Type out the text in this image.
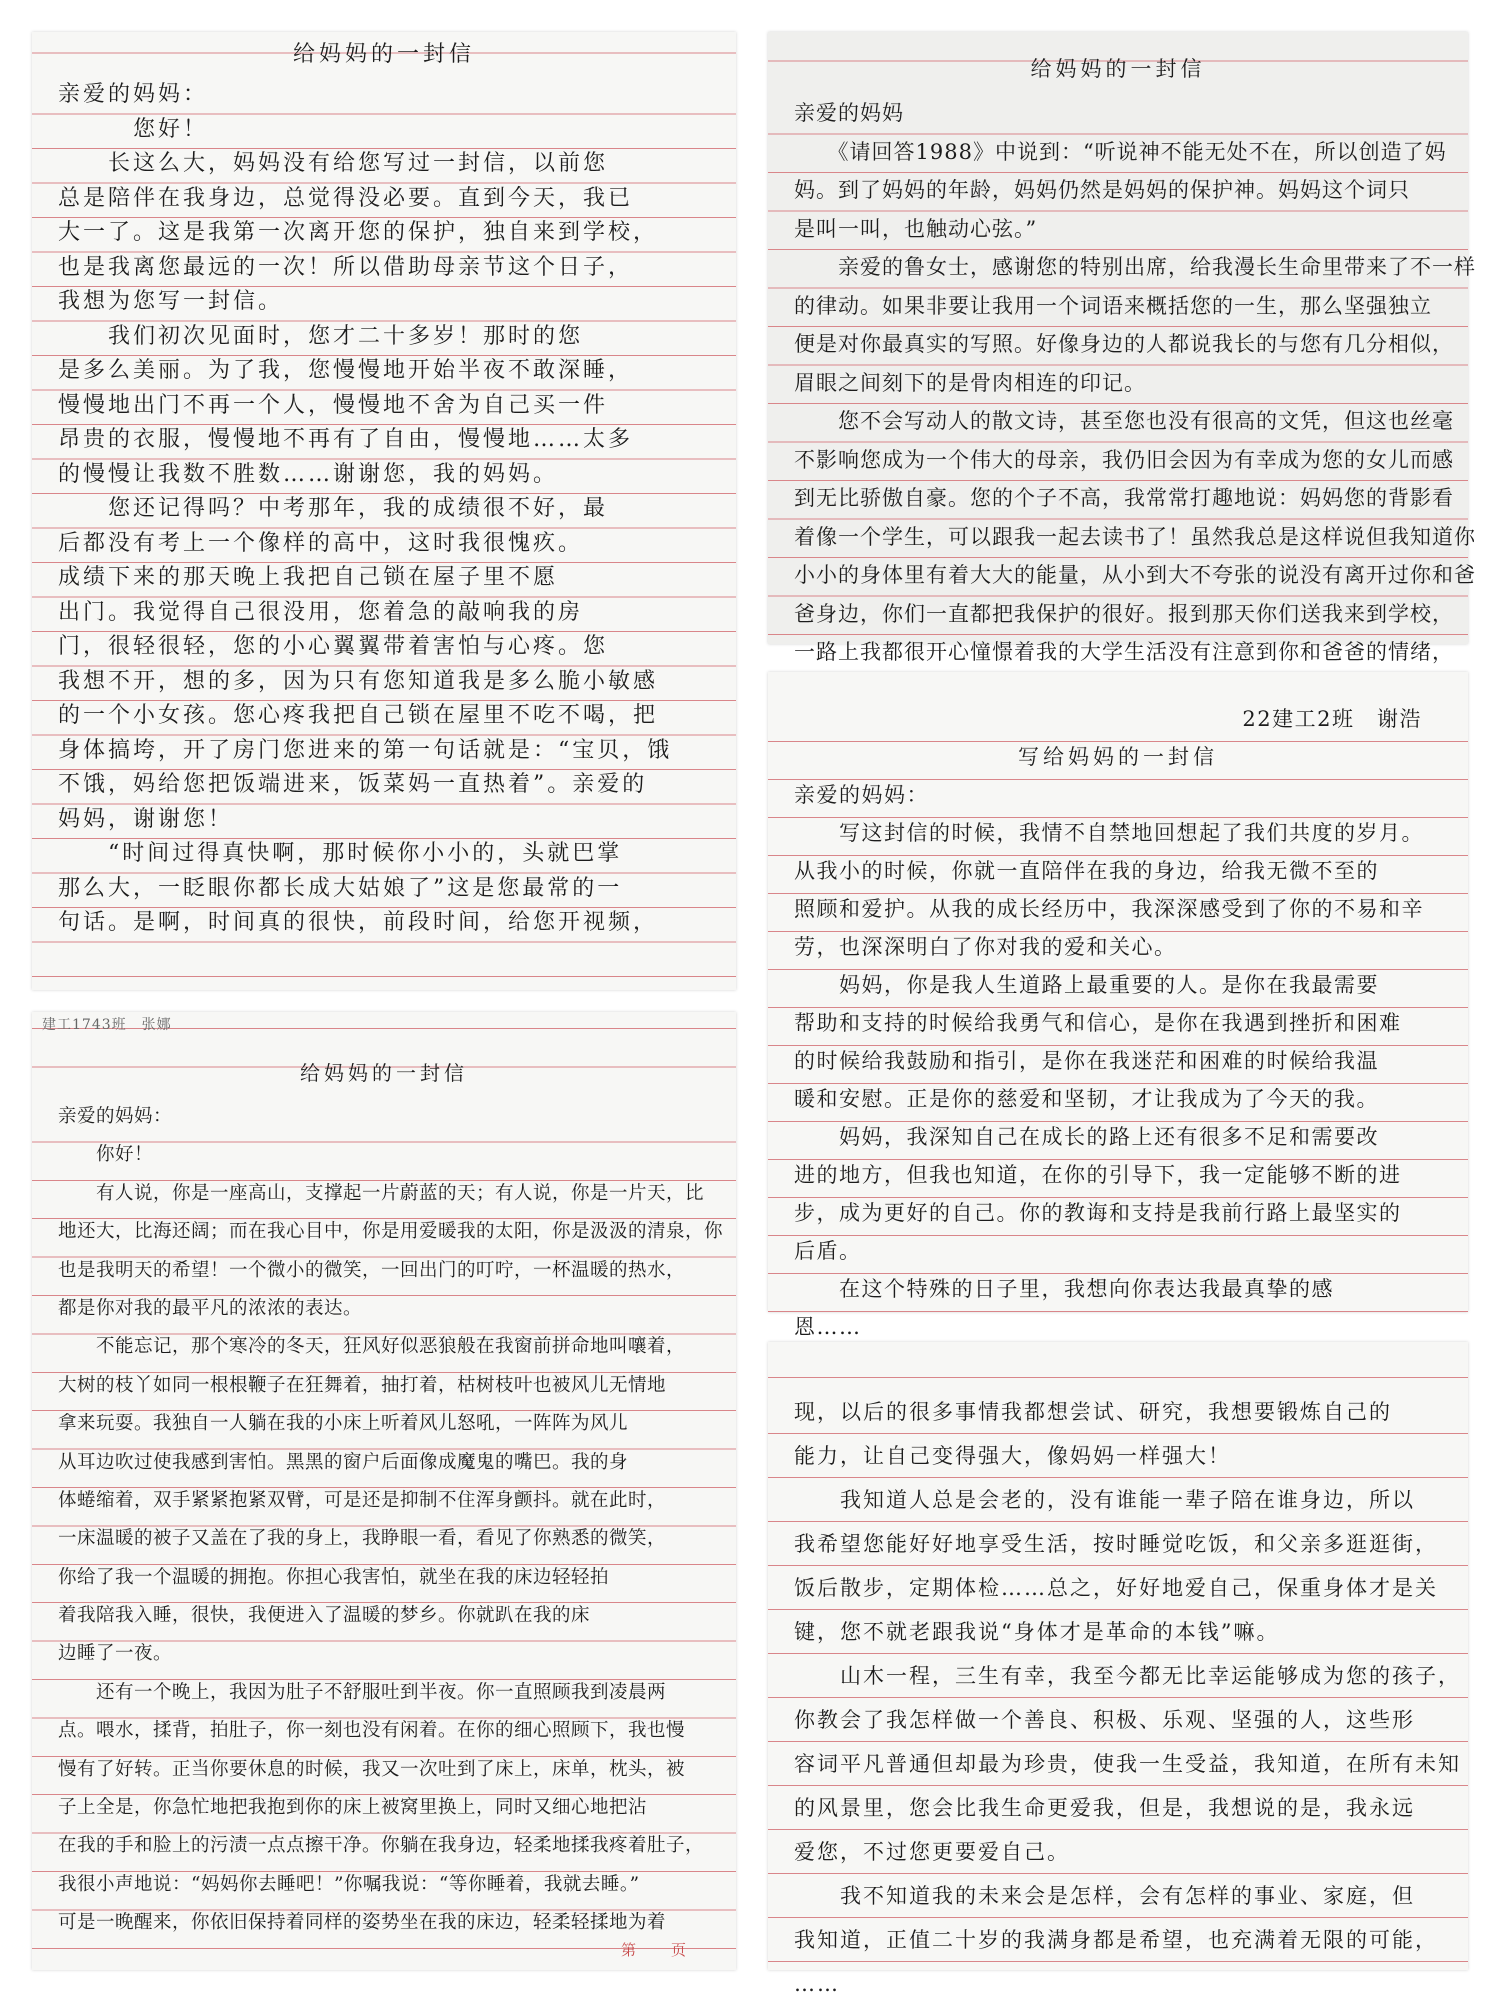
给妈妈的一封信
亲爱的妈妈：
　　　您好！
　　长这么大，妈妈没有给您写过一封信，以前您
总是陪伴在我身边，总觉得没必要。直到今天，我已
大一了。这是我第一次离开您的保护，独自来到学校，
也是我离您最远的一次！所以借助母亲节这个日子，
我想为您写一封信。
　　我们初次见面时，您才二十多岁！那时的您
是多么美丽。为了我，您慢慢地开始半夜不敢深睡，
慢慢地出门不再一个人，慢慢地不舍为自己买一件
昂贵的衣服，慢慢地不再有了自由，慢慢地……太多
的慢慢让我数不胜数……谢谢您，我的妈妈。
　　您还记得吗？中考那年，我的成绩很不好，最
后都没有考上一个像样的高中，这时我很愧疚。
成绩下来的那天晚上我把自己锁在屋子里不愿
出门。我觉得自己很没用，您着急的敲响我的房
门，很轻很轻，您的小心翼翼带着害怕与心疼。您
我想不开，想的多，因为只有您知道我是多么脆小敏感
的一个小女孩。您心疼我把自己锁在屋里不吃不喝，把
身体搞垮，开了房门您进来的第一句话就是：“宝贝，饿
不饿，妈给您把饭端进来，饭菜妈一直热着”。亲爱的
妈妈，谢谢您！
　　“时间过得真快啊，那时候你小小的，头就巴掌
那么大，一眨眼你都长成大姑娘了”这是您最常的一
句话。是啊，时间真的很快，前段时间，给您开视频，
给妈妈的一封信
亲爱的妈妈
　　《请回答1988》中说到：“听说神不能无处不在，所以创造了妈
妈。到了妈妈的年龄，妈妈仍然是妈妈的保护神。妈妈这个词只
是叫一叫，也触动心弦。”
　　亲爱的鲁女士，感谢您的特别出席，给我漫长生命里带来了不一样
的律动。如果非要让我用一个词语来概括您的一生，那么坚强独立
便是对你最真实的写照。好像身边的人都说我长的与您有几分相似，
眉眼之间刻下的是骨肉相连的印记。
　　您不会写动人的散文诗，甚至您也没有很高的文凭，但这也丝毫
不影响您成为一个伟大的母亲，我仍旧会因为有幸成为您的女儿而感
到无比骄傲自豪。您的个子不高，我常常打趣地说：妈妈您的背影看
着像一个学生，可以跟我一起去读书了！虽然我总是这样说但我知道你
小小的身体里有着大大的能量，从小到大不夸张的说没有离开过你和爸
爸身边，你们一直都把我保护的很好。报到那天你们送我来到学校，
一路上我都很开心憧憬着我的大学生活没有注意到你和爸爸的情绪，
建工1743班　张娜
给妈妈的一封信
亲爱的妈妈：
　　你好！
　　有人说，你是一座高山，支撑起一片蔚蓝的天；有人说，你是一片天，比
地还大，比海还阔；而在我心目中，你是用爱暖我的太阳，你是汲汲的清泉，你
也是我明天的希望！一个微小的微笑，一回出门的叮咛，一杯温暖的热水，
都是你对我的最平凡的浓浓的表达。
　　不能忘记，那个寒冷的冬天，狂风好似恶狼般在我窗前拼命地叫嚷着，
大树的枝丫如同一根根鞭子在狂舞着，抽打着，枯树枝叶也被风儿无情地
拿来玩耍。我独自一人躺在我的小床上听着风儿怒吼，一阵阵为风儿
从耳边吹过使我感到害怕。黑黑的窗户后面像成魔鬼的嘴巴。我的身
体蜷缩着，双手紧紧抱紧双臂，可是还是抑制不住浑身颤抖。就在此时，
一床温暖的被子又盖在了我的身上，我睁眼一看，看见了你熟悉的微笑，
你给了我一个温暖的拥抱。你担心我害怕，就坐在我的床边轻轻拍
着我陪我入睡，很快，我便进入了温暖的梦乡。你就趴在我的床
边睡了一夜。
　　还有一个晚上，我因为肚子不舒服吐到半夜。你一直照顾我到凌晨两
点。喂水，揉背，拍肚子，你一刻也没有闲着。在你的细心照顾下，我也慢
慢有了好转。正当你要休息的时候，我又一次吐到了床上，床单，枕头，被
子上全是，你急忙地把我抱到你的床上被窝里换上，同时又细心地把沾
在我的手和脸上的污渍一点点擦干净。你躺在我身边，轻柔地揉我疼着肚子，
我很小声地说：“妈妈你去睡吧！”你嘱我说：“等你睡着，我就去睡。”
可是一晚醒来，你依旧保持着同样的姿势坐在我的床边，轻柔轻揉地为着
第　页
22建工2班　谢浩
写给妈妈的一封信
亲爱的妈妈：
　　写这封信的时候，我情不自禁地回想起了我们共度的岁月。
从我小的时候，你就一直陪伴在我的身边，给我无微不至的
照顾和爱护。从我的成长经历中，我深深感受到了你的不易和辛
劳，也深深明白了你对我的爱和关心。
　　妈妈，你是我人生道路上最重要的人。是你在我最需要
帮助和支持的时候给我勇气和信心，是你在我遇到挫折和困难
的时候给我鼓励和指引，是你在我迷茫和困难的时候给我温
暖和安慰。正是你的慈爱和坚韧，才让我成为了今天的我。
　　妈妈，我深知自己在成长的路上还有很多不足和需要改
进的地方，但我也知道，在你的引导下，我一定能够不断的进
步，成为更好的自己。你的教诲和支持是我前行路上最坚实的
后盾。
　　在这个特殊的日子里，我想向你表达我最真挚的感
恩……
现，以后的很多事情我都想尝试、研究，我想要锻炼自己的
能力，让自己变得强大，像妈妈一样强大！
　　我知道人总是会老的，没有谁能一辈子陪在谁身边，所以
我希望您能好好地享受生活，按时睡觉吃饭，和父亲多逛逛街，
饭后散步，定期体检……总之，好好地爱自己，保重身体才是关
键，您不就老跟我说“身体才是革命的本钱”嘛。
　　山木一程，三生有幸，我至今都无比幸运能够成为您的孩子，
你教会了我怎样做一个善良、积极、乐观、坚强的人，这些形
容词平凡普通但却最为珍贵，使我一生受益，我知道，在所有未知
的风景里，您会比我生命更爱我，但是，我想说的是，我永远
爱您，不过您更要爱自己。
　　我不知道我的未来会是怎样，会有怎样的事业、家庭，但
我知道，正值二十岁的我满身都是希望，也充满着无限的可能，
……
